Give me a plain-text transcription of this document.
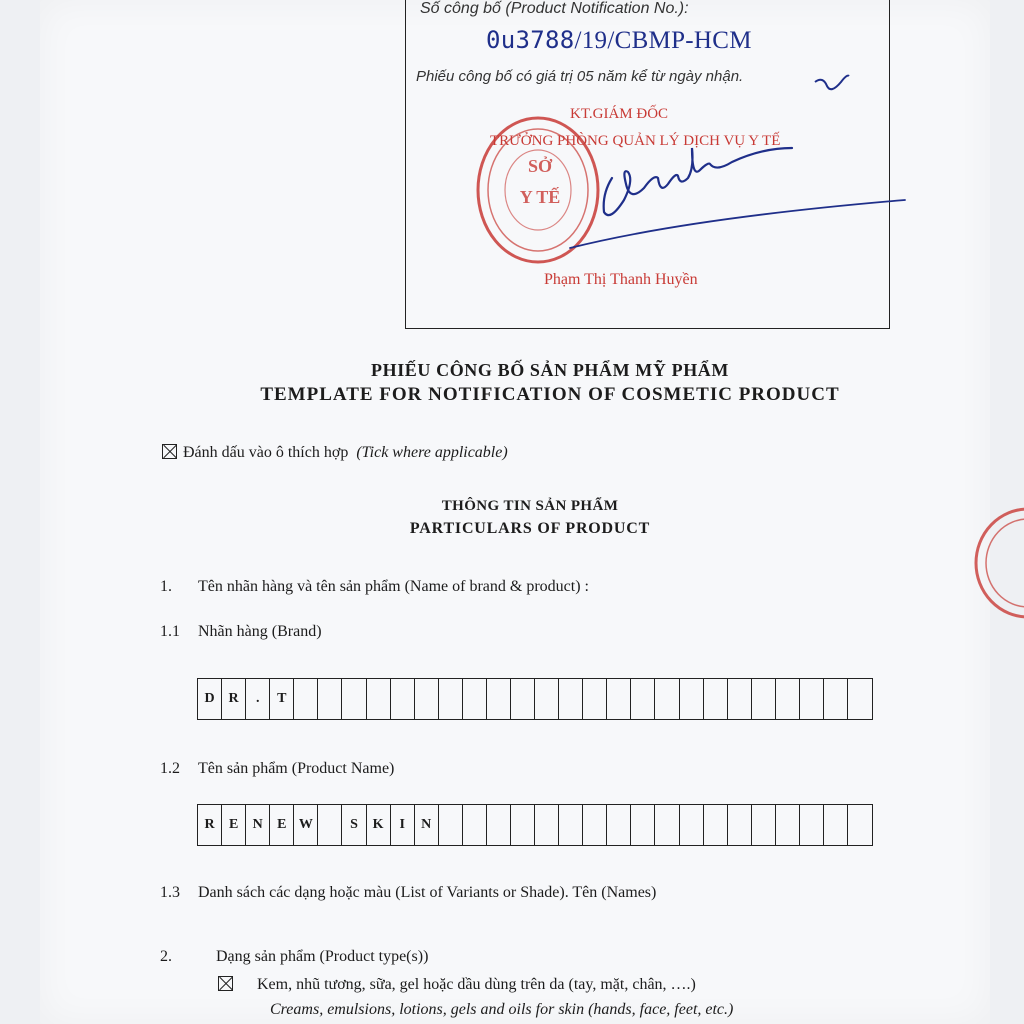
Số công bố (Product Notification No.):
0u3788/19/CBMP-HCM
Phiếu công bố có giá trị 05 năm kể từ ngày nhận.
SỞ
Y TẾ
KT.GIÁM ĐỐC
TRƯỞNG PHÒNG QUẢN LÝ DỊCH VỤ Y TẾ
Phạm Thị Thanh Huyền
PHIẾU CÔNG BỐ SẢN PHẨM MỸ PHẨM
TEMPLATE FOR NOTIFICATION OF COSMETIC PRODUCT
Đánh dấu vào ô thích hợp (Tick where applicable)
THÔNG TIN SẢN PHẨM
PARTICULARS OF PRODUCT
1. Tên nhãn hàng và tên sản phẩm (Name of brand & product) :
1.1 Nhãn hàng (Brand)
D R	.	T
1.2 Tên sản phẩm (Product Name)
R	E	N	E W	S	K	I	N
1.3 Danh sách các dạng hoặc màu (List of Variants or Shade). Tên (Names)
2.	Dạng sản phẩm (Product type(s))
Kem, nhũ tương, sữa, gel hoặc dầu dùng trên da (tay, mặt, chân, ….)
Creams, emulsions, lotions, gels and oils for skin (hands, face, feet, etc.)
